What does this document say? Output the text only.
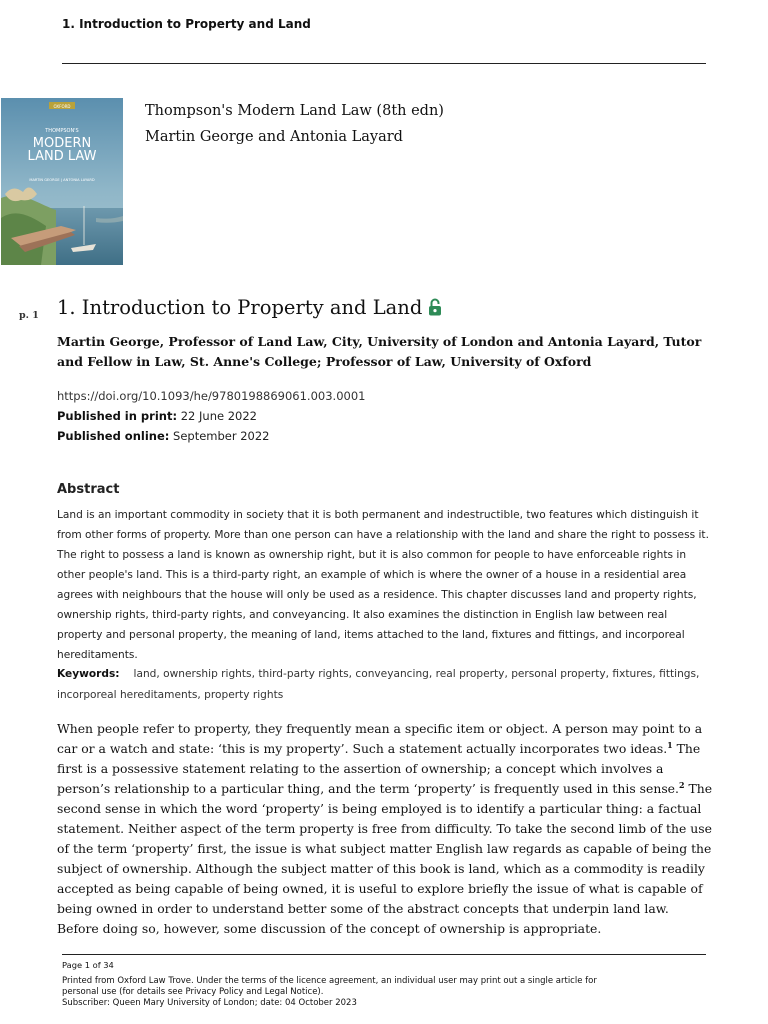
1. Introduction to Property and Land
OXFORD
THOMPSON'S
MODERN
LAND LAW
MARTIN GEORGE | ANTONIA LAYARD
Thompson's Modern Land Law (8th edn)
Martin George and Antonia Layard
p. 1 1. Introduction to Property and Land
Martin George, Professor of Land Law, City, University of London and Antonia Layard, Tutor and Fellow in Law, St. Anne's College; Professor of Law, University of Oxford
https://doi.org/10.1093/he/9780198869061.003.0001
Published in print: 22 June 2022
Published online: September 2022
Abstract
Land is an important commodity in society that it is both permanent and indestructible, two features which distinguish it from other forms of property. More than one person can have a relationship with the land and share the right to possess it. The right to possess a land is known as ownership right, but it is also common for people to have enforceable rights in other people's land. This is a third-party right, an example of which is where the owner of a house in a residential area agrees with neighbours that the house will only be used as a residence. This chapter discusses land and property rights, ownership rights, third-party rights, and conveyancing. It also examines the distinction in English law between real property and personal property, the meaning of land, items attached to the land, fixtures and fittings, and incorporeal hereditaments.
Keywords: land, ownership rights, third-party rights, conveyancing, real property, personal property, fixtures, fittings, incorporeal hereditaments, property rights
When people refer to property, they frequently mean a specific item or object. A person may point to a car or a watch and state: ‘this is my property’. Such a statement actually incorporates two ideas.$^1$ The first is a possessive statement relating to the assertion of ownership; a concept which involves a person’s relationship to a particular thing, and the term ‘property’ is frequently used in this sense.$^2$ The second sense in which the word ‘property’ is being employed is to identify a particular thing: a factual statement. Neither aspect of the term property is free from difficulty. To take the second limb of the use of the term ‘property’ first, the issue is what subject matter English law regards as capable of being the subject of ownership. Although the subject matter of this book is land, which as a commodity is readily accepted as being capable of being owned, it is useful to explore briefly the issue of what is capable of being owned in order to understand better some of the abstract concepts that underpin land law. Before doing so, however, some discussion of the concept of ownership is appropriate.
Page 1 of 34
Printed from Oxford Law Trove. Under the terms of the licence agreement, an individual user may print out a single article for
personal use (for details see Privacy Policy and Legal Notice).
Subscriber: Queen Mary University of London; date: 04 October 2023
